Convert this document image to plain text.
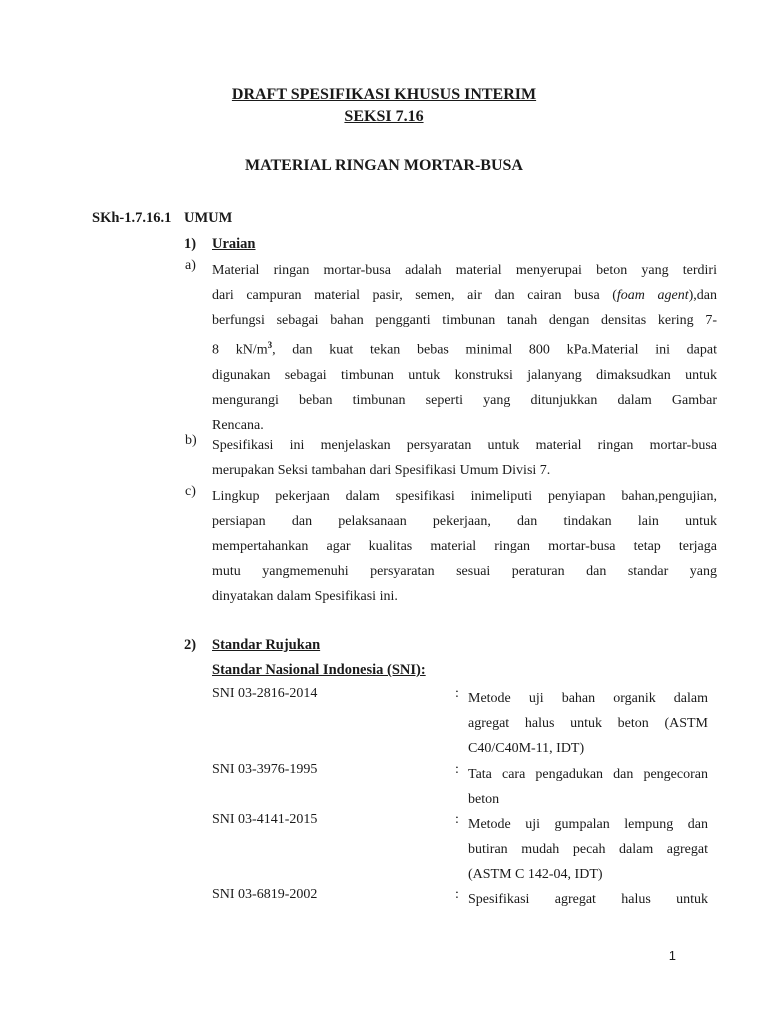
DRAFT SPESIFIKASI KHUSUS INTERIM
SEKSI 7.16
MATERIAL RINGAN MORTAR-BUSA
SKh-1.7.16.1 UMUM
1) Uraian
a) Material ringan mortar-busa adalah material menyerupai beton yang terdiri
dari campuran material pasir, semen, air dan cairan busa (foam agent),dan
berfungsi sebagai bahan pengganti timbunan tanah dengan densitas kering 7-
8 $kN/m^3$, dan kuat tekan bebas minimal 800 kPa.Material ini dapat
digunakan sebagai timbunan untuk konstruksi jalanyang dimaksudkan untuk
mengurangi beban timbunan seperti yang ditunjukkan dalam Gambar
Rencana.
b) Spesifikasi ini menjelaskan persyaratan untuk material ringan mortar-busa
merupakan Seksi tambahan dari Spesifikasi Umum Divisi 7.
c) Lingkup pekerjaan dalam spesifikasi inimeliputi penyiapan bahan,pengujian,
persiapan dan pelaksanaan pekerjaan, dan tindakan lain untuk
mempertahankan agar kualitas material ringan mortar-busa tetap terjaga
mutu yangmemenuhi persyaratan sesuai peraturan dan standar yang
dinyatakan dalam Spesifikasi ini.
2) Standar Rujukan
Standar Nasional Indonesia (SNI):
SNI 03-2816-2014	: Metode uji bahan organik dalam
agregat halus untuk beton (ASTM
C40/C40M-11, IDT)
SNI 03-3976-1995	: Tata cara pengadukan dan pengecoran
beton
SNI 03-4141-2015	: Metode uji gumpalan lempung dan
butiran mudah pecah dalam agregat
(ASTM C 142-04, IDT)
SNI 03-6819-2002	: Spesifikasi agregat halus untuk
1
